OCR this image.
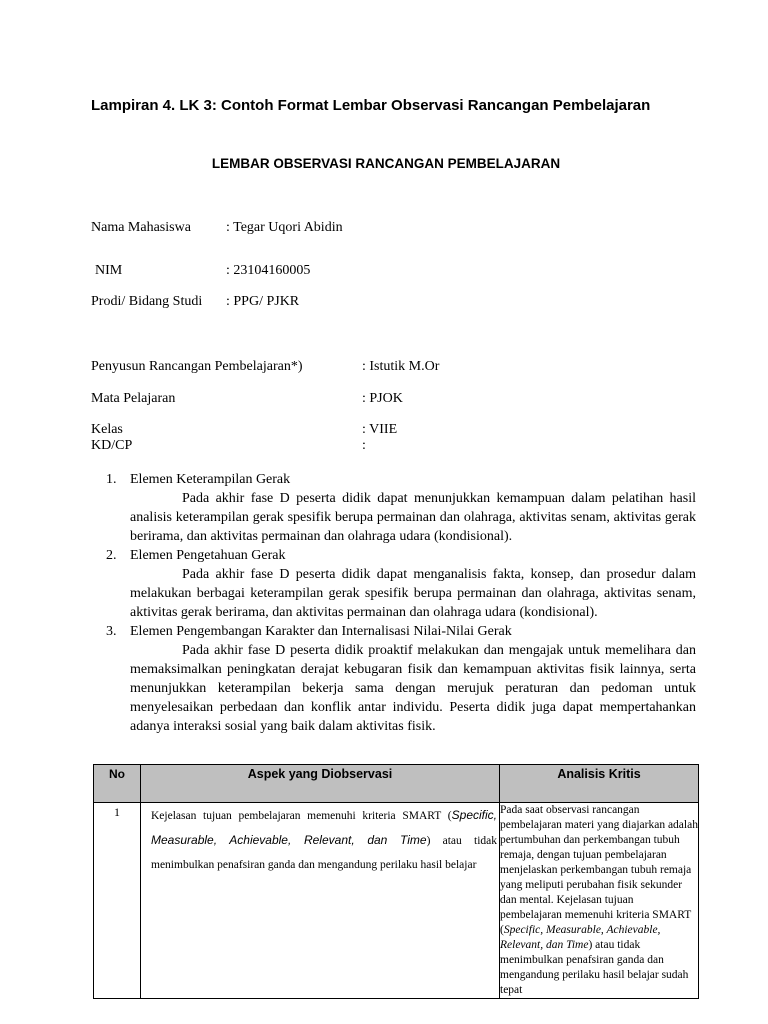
Lampiran 4. LK 3: Contoh Format Lembar Observasi Rancangan Pembelajaran
LEMBAR OBSERVASI RANCANGAN PEMBELAJARAN
Nama Mahasiswa	: Tegar Uqori Abidin
NIM	: 23104160005
Prodi/ Bidang Studi : PPG/ PJKR
Penyusun Rancangan Pembelajaran*)	: Istutik M.Or
Mata Pelajaran	: PJOK
Kelas	: VIIE
KD/CP	:
1. Elemen Keterampilan Gerak
Pada akhir fase D peserta didik dapat menunjukkan kemampuan dalam pelatihan hasil analisis keterampilan gerak spesifik berupa permainan dan olahraga, aktivitas senam, aktivitas gerak berirama, dan aktivitas permainan dan olahraga udara (kondisional).
2. Elemen Pengetahuan Gerak
Pada akhir fase D peserta didik dapat menganalisis fakta, konsep, dan prosedur dalam melakukan berbagai keterampilan gerak spesifik berupa permainan dan olahraga, aktivitas senam, aktivitas gerak berirama, dan aktivitas permainan dan olahraga udara (kondisional).
3. Elemen Pengembangan Karakter dan Internalisasi Nilai-Nilai Gerak
Pada akhir fase D peserta didik proaktif melakukan dan mengajak untuk memelihara dan memaksimalkan peningkatan derajat kebugaran fisik dan kemampuan aktivitas fisik lainnya, serta menunjukkan keterampilan bekerja sama dengan merujuk peraturan dan pedoman untuk menyelesaikan perbedaan dan konflik antar individu. Peserta didik juga dapat mempertahankan adanya interaksi sosial yang baik dalam aktivitas fisik.
No	Aspek yang Diobservasi	Analisis Kritis
1	Kejelasan tujuan pembelajaran memenuhi kriteria SMART (Specific, Measurable, Achievable, Relevant, dan Time) atau tidak menimbulkan penafsiran ganda dan mengandung perilaku hasil belajar	Pada saat observasi rancangan pembelajaran materi yang diajarkan adalah pertumbuhan dan perkembangan tubuh remaja, dengan tujuan pembelajaran menjelaskan perkembangan tubuh remaja yang meliputi perubahan fisik sekunder dan mental. Kejelasan tujuan pembelajaran memenuhi kriteria SMART (Specific, Measurable, Achievable, Relevant, dan Time) atau tidak menimbulkan penafsiran ganda dan mengandung perilaku hasil belajar sudah tepat
